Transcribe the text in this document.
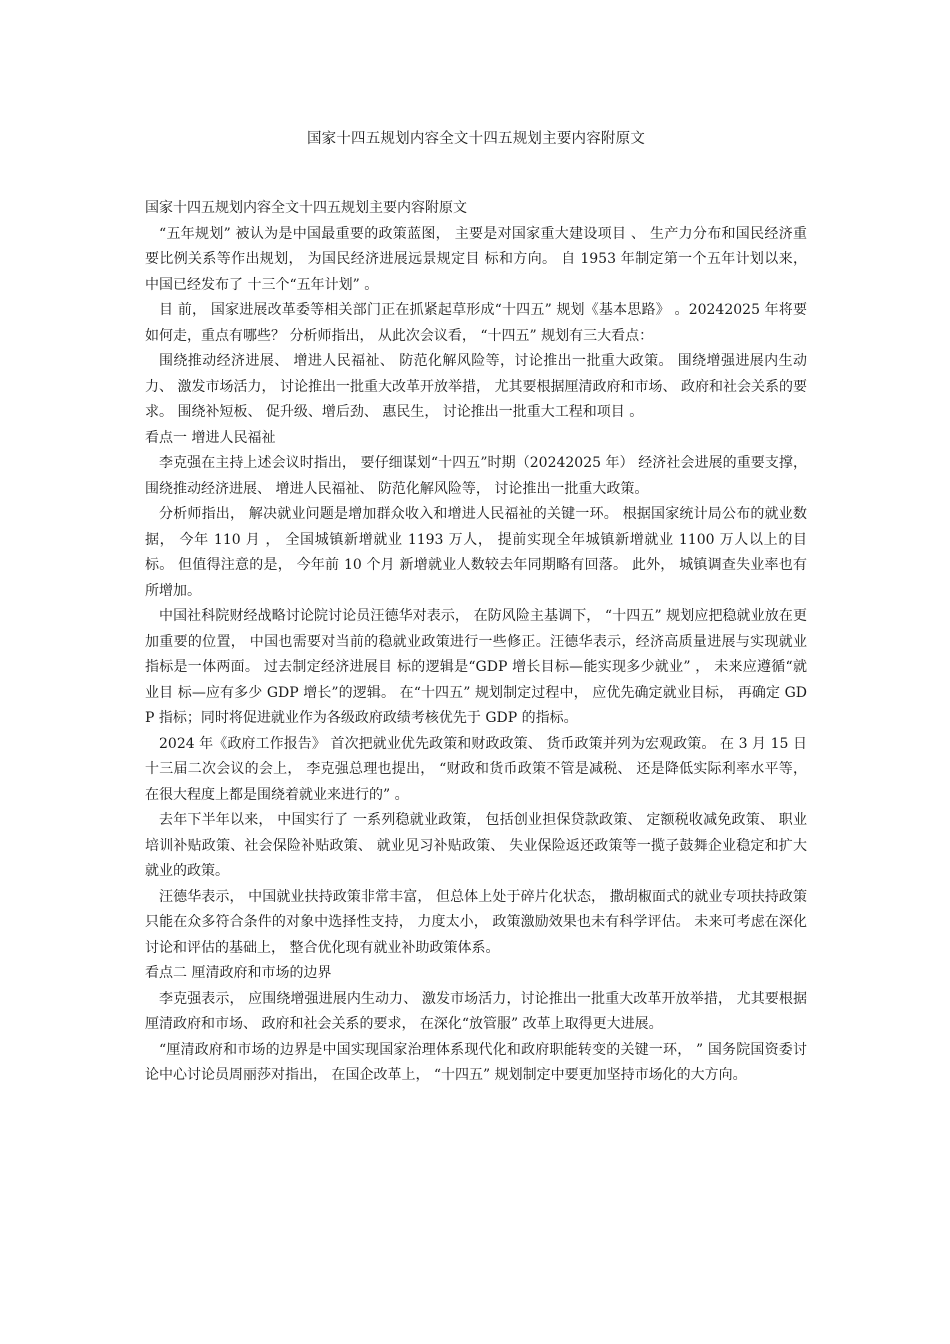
国家十四五规划内容全文十四五规划主要内容附原文
国家十四五规划内容全文十四五规划主要内容附原文

“五年规划” 被认为是中国最重要的政策蓝图， 主要是对国家重大建设项目 、 生产力分布和国民经济重要比例关系等作出规划， 为国民经济进展远景规定目 标和方向。 自 1953 年制定第一个五年计划以来， 中国已经发布了 十三个“五年计划” 。

目 前， 国家进展改革委等相关部门正在抓紧起草形成“十四五” 规划《基本思路》 。20242025 年将要如何走，重点有哪些？ 分析师指出， 从此次会议看， “十四五” 规划有三大看点：

围绕推动经济进展、 增进人民福祉、 防范化解风险等，讨论推出一批重大政策。 围绕增强进展内生动力、 激发市场活力， 讨论推出一批重大改革开放举措， 尤其要根据厘清政府和市场、 政府和社会关系的要求。 围绕补短板、 促升级、增后劲、 惠民生， 讨论推出一批重大工程和项目 。

看点一 增进人民福祉

李克强在主持上述会议时指出， 要仔细谋划“十四五”时期（20242025 年） 经济社会进展的重要支撑， 围绕推动经济进展、 增进人民福祉、 防范化解风险等， 讨论推出一批重大政策。

分析师指出， 解决就业问题是增加群众收入和增进人民福祉的关键一环。 根据国家统计局公布的就业数据， 今年 110 月 ， 全国城镇新增就业 1193 万人， 提前实现全年城镇新增就业 1100 万人以上的目 标。 但值得注意的是， 今年前 10 个月 新增就业人数较去年同期略有回落。 此外， 城镇调查失业率也有所增加。

中国社科院财经战略讨论院讨论员汪德华对表示， 在防风险主基调下， “十四五” 规划应把稳就业放在更加重要的位置， 中国也需要对当前的稳就业政策进行一些修正。汪德华表示，经济高质量进展与实现就业指标是一体两面。 过去制定经济进展目 标的逻辑是“GDP 增长目标—能实现多少就业” ， 未来应遵循“就业目 标—应有多少 GDP 增长”的逻辑。 在“十四五” 规划制定过程中， 应优先确定就业目标， 再确定 GDP 指标；同时将促进就业作为各级政府政绩考核优先于 GDP 的指标。

2024 年《政府工作报告》 首次把就业优先政策和财政政策、 货币政策并列为宏观政策。 在 3 月 15 日十三届二次会议的会上， 李克强总理也提出， “财政和货币政策不管是减税、 还是降低实际利率水平等， 在很大程度上都是围绕着就业来进行的” 。

去年下半年以来， 中国实行了 一系列稳就业政策， 包括创业担保贷款政策、 定额税收减免政策、 职业培训补贴政策、社会保险补贴政策、 就业见习补贴政策、 失业保险返还政策等一揽子鼓舞企业稳定和扩大就业的政策。

汪德华表示， 中国就业扶持政策非常丰富， 但总体上处于碎片化状态， 撒胡椒面式的就业专项扶持政策只能在众多符合条件的对象中选择性支持， 力度太小， 政策激励效果也未有科学评估。 未来可考虑在深化讨论和评估的基础上， 整合优化现有就业补助政策体系。

看点二 厘清政府和市场的边界

李克强表示， 应围绕增强进展内生动力、 激发市场活力，讨论推出一批重大改革开放举措， 尤其要根据厘清政府和市场、 政府和社会关系的要求， 在深化“放管服” 改革上取得更大进展。

“厘清政府和市场的边界是中国实现国家治理体系现代化和政府职能转变的关键一环， ” 国务院国资委讨论中心讨论员周丽莎对指出， 在国企改革上， “十四五” 规划制定中要更加坚持市场化的大方向。
